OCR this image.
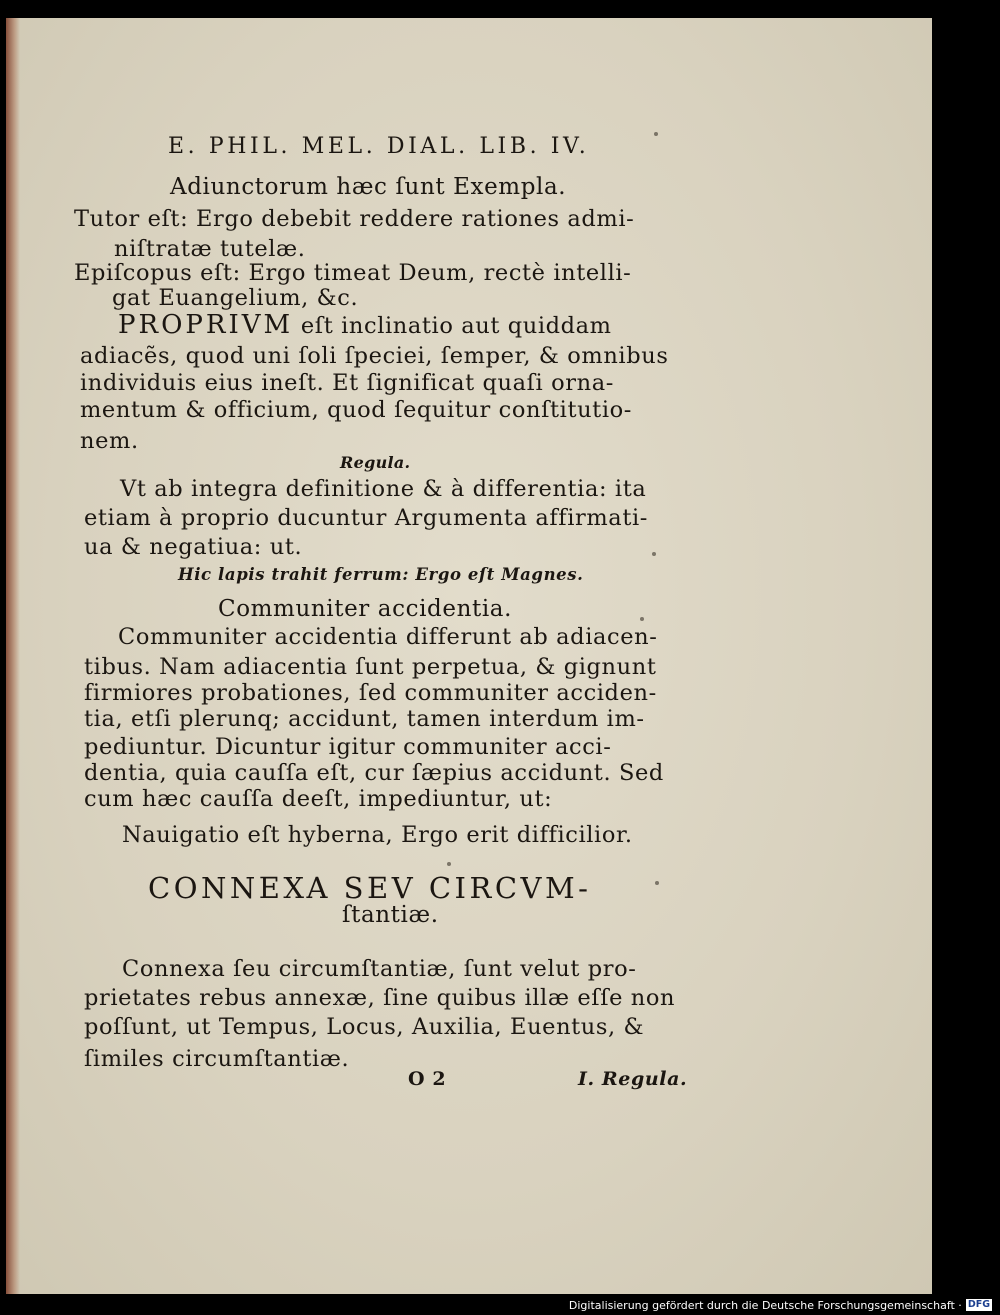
E. PHIL. MEL. DIAL. LIB. IV.
Adiunctorum hæc ſunt Exempla.
Tutor eſt: Ergo debebit reddere rationes admi-
niſtratæ tutelæ.
Epiſcopus eſt: Ergo timeat Deum, rectè intelli-
gat Euangelium, &c.
PROPRIVM eſt inclinatio aut quiddam
adiacẽs, quod uni ſoli ſpeciei, ſemper, & omnibus
individuis eius ineſt. Et ſignificat quaſi orna-
mentum & officium, quod ſequitur conſtitutio-
nem.
Regula.
Vt ab integra definitione & à differentia: ita
etiam à proprio ducuntur Argumenta affirmati-
ua & negatiua: ut.
Hic lapis trahit ferrum: Ergo eſt Magnes.
Communiter accidentia.
Communiter accidentia differunt ab adiacen-
tibus. Nam adiacentia ſunt perpetua, & gignunt
firmiores probationes, ſed communiter acciden-
tia, etſi plerunq; accidunt, tamen interdum im-
pediuntur. Dicuntur igitur communiter acci-
dentia, quia cauſſa eſt, cur ſæpius accidunt. Sed
cum hæc cauſſa deeſt, impediuntur, ut:
Nauigatio eſt hyberna, Ergo erit difficilior.
CONNEXA SEV CIRCVM-
ſtantiæ.
Connexa ſeu circumſtantiæ, ſunt velut pro-
prietates rebus annexæ, ſine quibus illæ eſſe non
poſſunt, ut Tempus, Locus, Auxilia, Euentus, &
ſimiles circumſtantiæ.
O 2	I. Regula.
Digitalisierung gefördert durch die Deutsche Forschungsgemeinschaft · DFG
